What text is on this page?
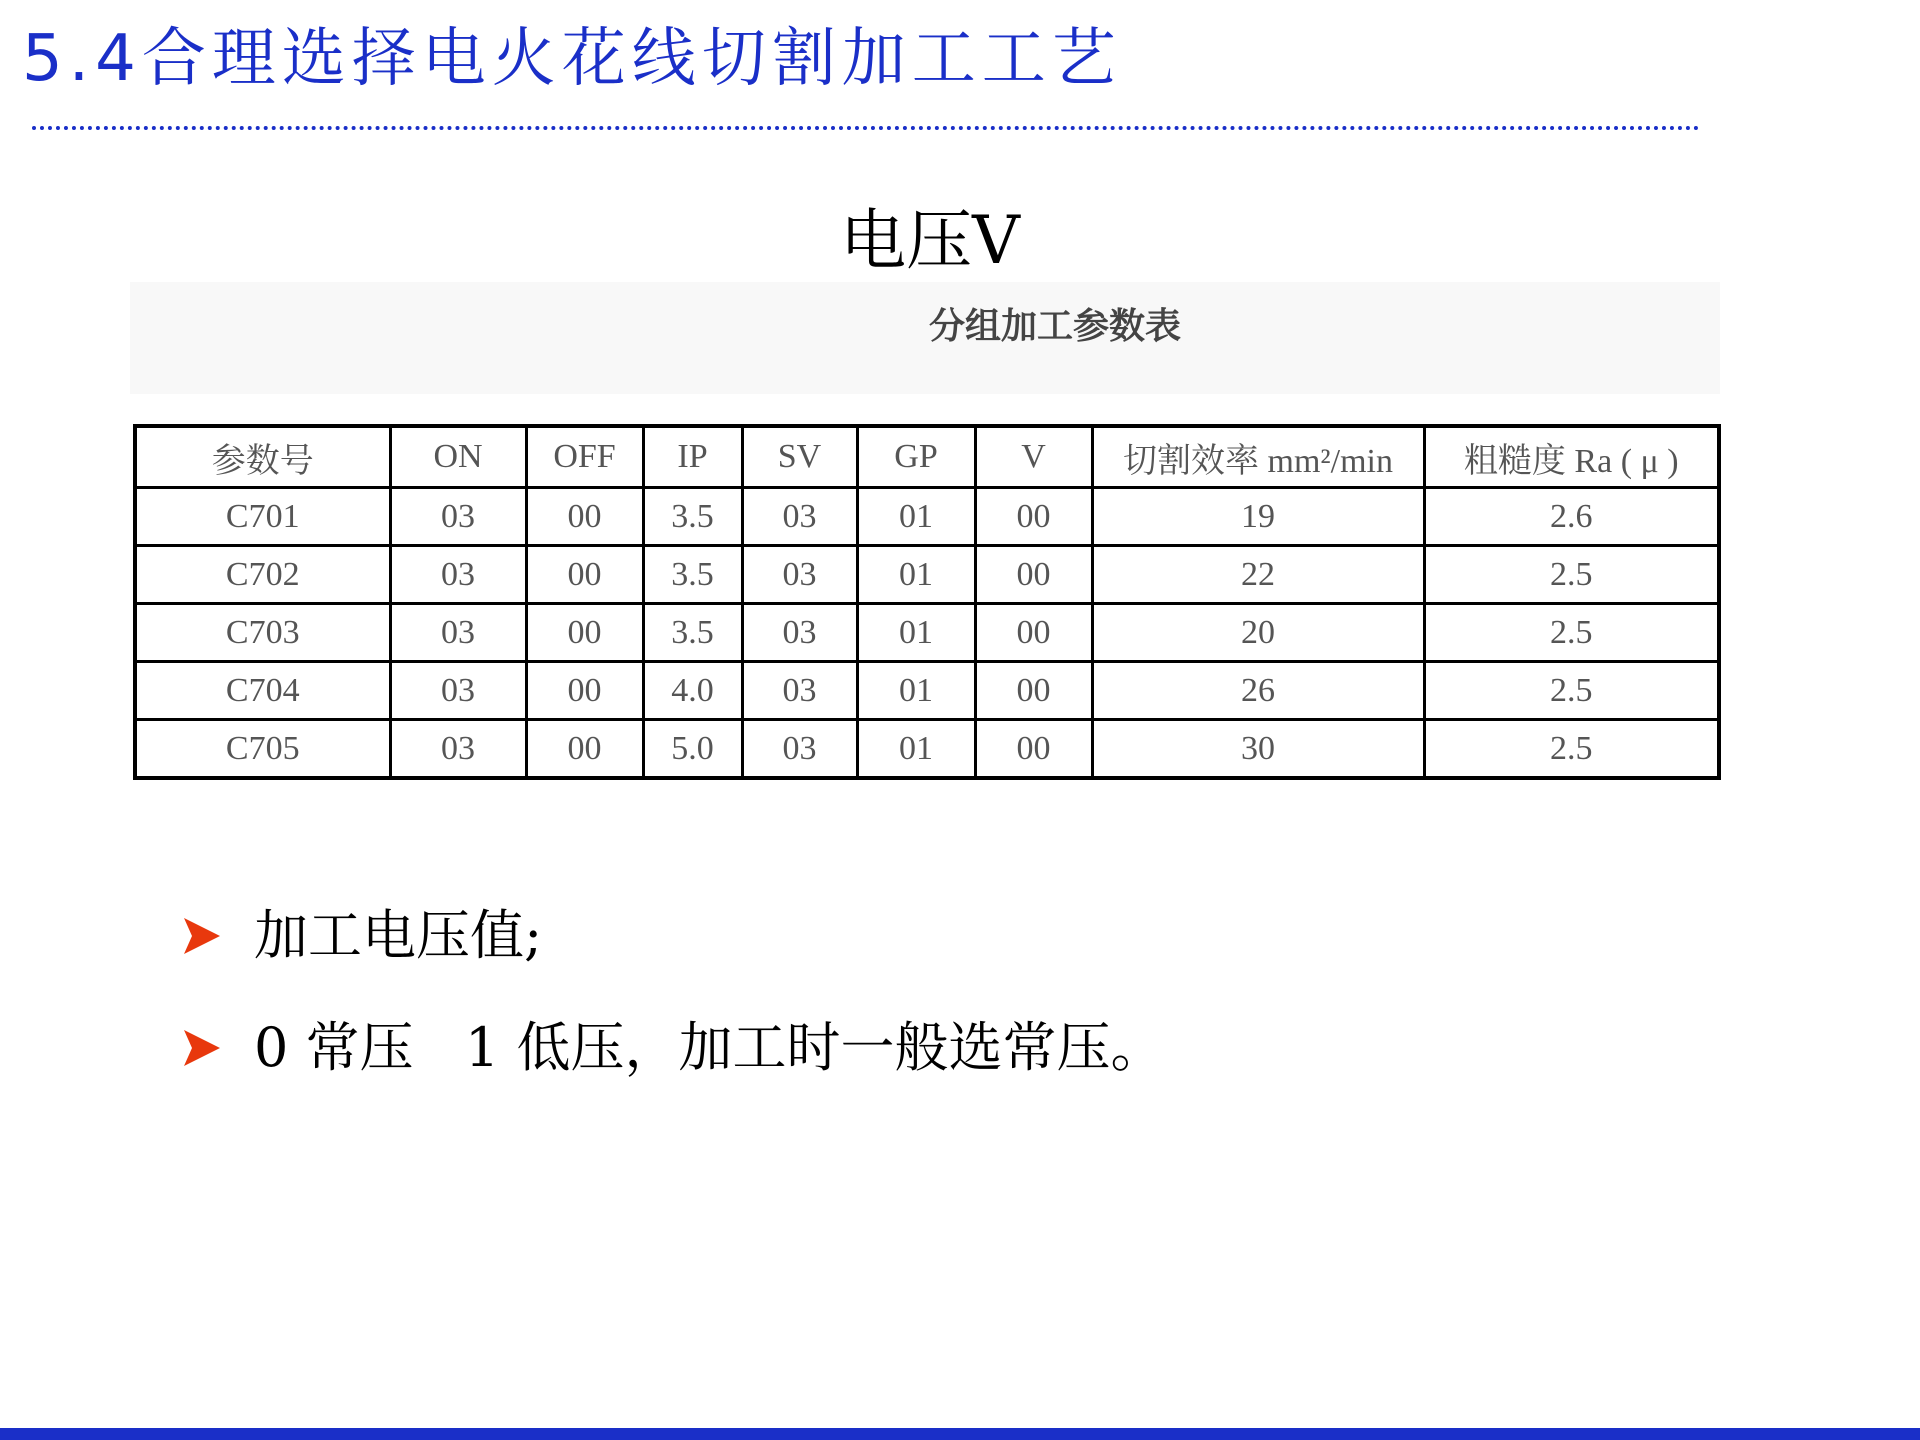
5.4合理选择电火花线切割加工工艺
电压V
分组加工参数表
参数号	ON	OFF	IP	SV	GP	V	切割效率 mm²/min	粗糙度 Ra ( μ )
C701	03	00	3.5	03	01	00	19	2.6
C702	03	00	3.5	03	01	00	22	2.5
C703	03	00	3.5	03	01	00	20	2.5
C704	03	00	4.0	03	01	00	26	2.5
C705	03	00	5.0	03	01	00	30	2.5
加工电压值;
0 常压   1 低压，加工时一般选常压。
